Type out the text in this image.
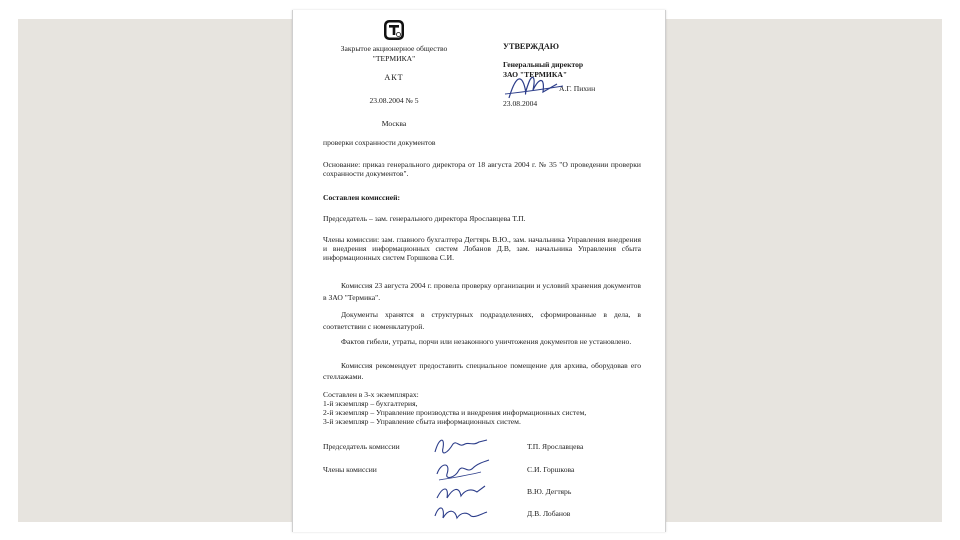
Закрытое акционерное общество
"ТЕРМИКА"
АКТ
23.08.2004 № 5
Москва
проверки сохранности документов
УТВЕРЖДАЮ
Генеральный директор
ЗАО "ТЕРМИКА"
А.Г. Пихин
23.08.2004
Основание: приказ генерального директора от 18 августа 2004 г. № 35 "О проведении проверки сохранности документов".
Составлен комиссией:
Председатель – зам. генерального директора Ярославцева Т.П.
Члены комиссии: зам. главного бухгалтера Дегтярь В.Ю., зам. начальника Управления внедрения и внедрения информационных систем Лобанов Д.В, зам. начальника Управления сбыта информационных систем Горшкова С.И.
Комиссия 23 августа 2004 г. провела проверку организации и условий хранения документов в ЗАО "Термика".
Документы хранятся в структурных подразделениях, сформированные в дела, в соответствии с номенклатурой.
Фактов гибели, утраты, порчи или незаконного уничтожения документов не установлено.
Комиссия рекомендует предоставить специальное помещение для архива, оборудовав его стеллажами.
Составлен в 3-х экземплярах:
1-й экземпляр – бухгалтерия,
2-й экземпляр – Управление производства и внедрения информационных систем,
3-й экземпляр – Управление сбыта информационных систем.
Председатель комиссии
Члены комиссии
Т.П. Ярославцева
С.И. Горшкова
В.Ю. Дегтярь
Д.В. Лобанов
